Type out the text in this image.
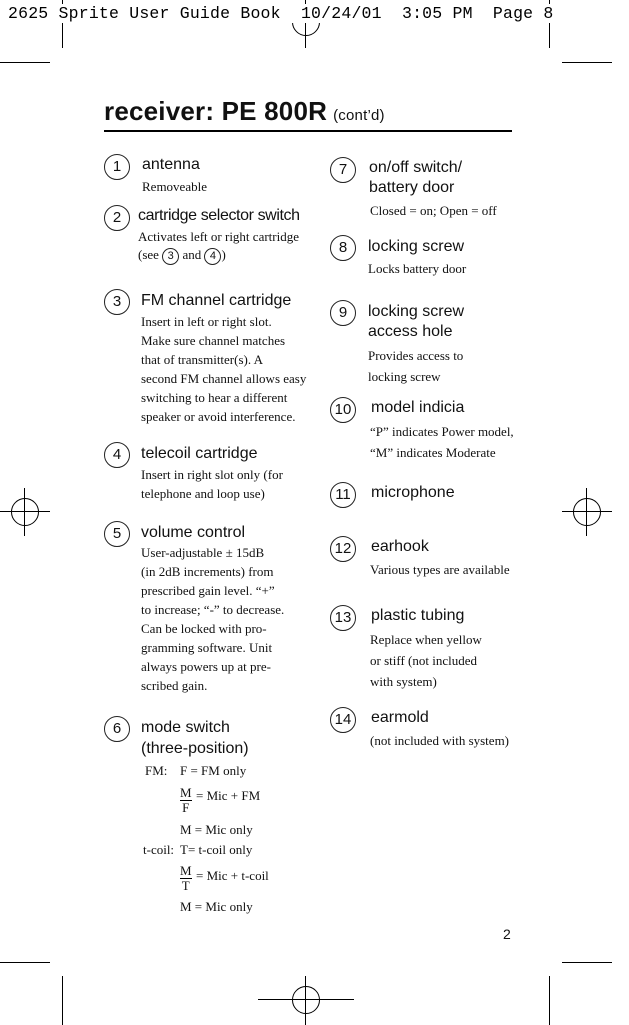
2625 Sprite User Guide Book  10/24/01  3:05 PM  Page 8
receiver: PE 800R (cont’d)
1	antenna
Removeable
2	cartridge selector switch
Activates left or right cartridge
(see 3 and 4 )
3	FM channel cartridge
Insert in left or right slot.
Make sure channel matches
that of transmitter(s). A
second FM channel allows easy
switching to hear a different
speaker or avoid interference.
4	telecoil cartridge
Insert in right slot only (for
telephone and loop use)
5	volume control
User-adjustable ± 15dB
(in 2dB increments) from
prescribed gain level. “+”
to increase; “-” to decrease.
Can be locked with pro-
gramming software. Unit
always powers up at pre-
scribed gain.
6	mode switch
(three-position)
FM: F = FM only
$\frac{M}{F}$ = Mic + FM
M = Mic only
t-coil: T= t-coil only
$\frac{M}{T}$ = Mic + t-coil
M = Mic only
7	on/off switch/
battery door
Closed = on; Open = off
8	locking screw
Locks battery door
9	locking screw
access hole
Provides access to
locking screw
10 model indicia
“P” indicates Power model,
“M” indicates Moderate
11	microphone
12 earhook
Various types are available
13 plastic tubing
Replace when yellow
or stiff (not included
with system)
14 earmold
(not included with system)
2
